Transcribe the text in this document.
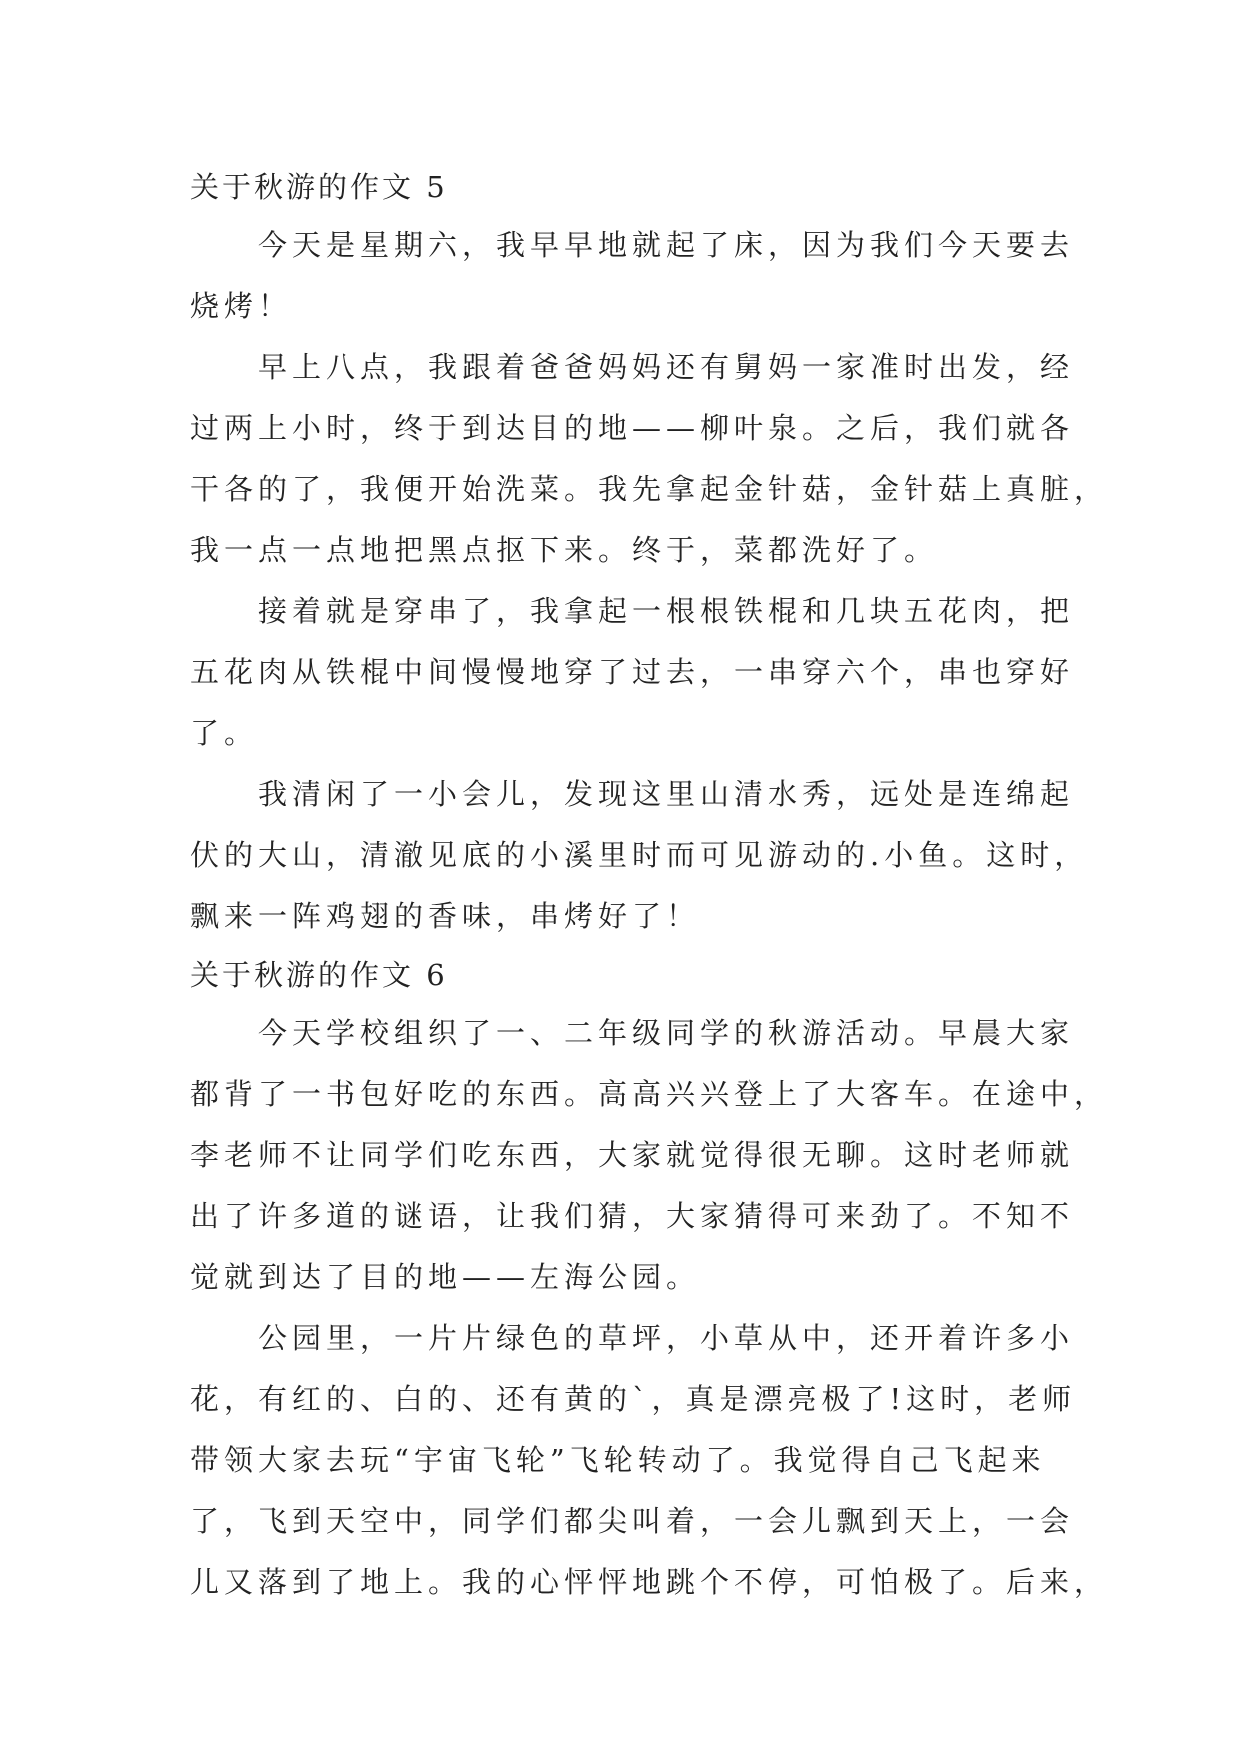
关于秋游的作文 5
今天是星期六，我早早地就起了床，因为我们今天要去
烧烤！
早上八点，我跟着爸爸妈妈还有舅妈一家准时出发，经
过两上小时，终于到达目的地——柳叶泉。之后，我们就各
干各的了，我便开始洗菜。我先拿起金针菇，金针菇上真脏，
我一点一点地把黑点抠下来。终于，菜都洗好了。
接着就是穿串了，我拿起一根根铁棍和几块五花肉，把
五花肉从铁棍中间慢慢地穿了过去，一串穿六个，串也穿好
了。
我清闲了一小会儿，发现这里山清水秀，远处是连绵起
伏的大山，清澈见底的小溪里时而可见游动的.小鱼。这时，
飘来一阵鸡翅的香味，串烤好了！
关于秋游的作文 6
今天学校组织了一、二年级同学的秋游活动。早晨大家
都背了一书包好吃的东西。高高兴兴登上了大客车。在途中，
李老师不让同学们吃东西，大家就觉得很无聊。这时老师就
出了许多道的谜语，让我们猜，大家猜得可来劲了。不知不
觉就到达了目的地——左海公园。
公园里，一片片绿色的草坪，小草从中，还开着许多小
花，有红的、白的、还有黄的`，真是漂亮极了!这时，老师
带领大家去玩“宇宙飞轮”飞轮转动了。我觉得自己飞起来
了，飞到天空中，同学们都尖叫着，一会儿飘到天上，一会
儿又落到了地上。我的心怦怦地跳个不停，可怕极了。后来，
